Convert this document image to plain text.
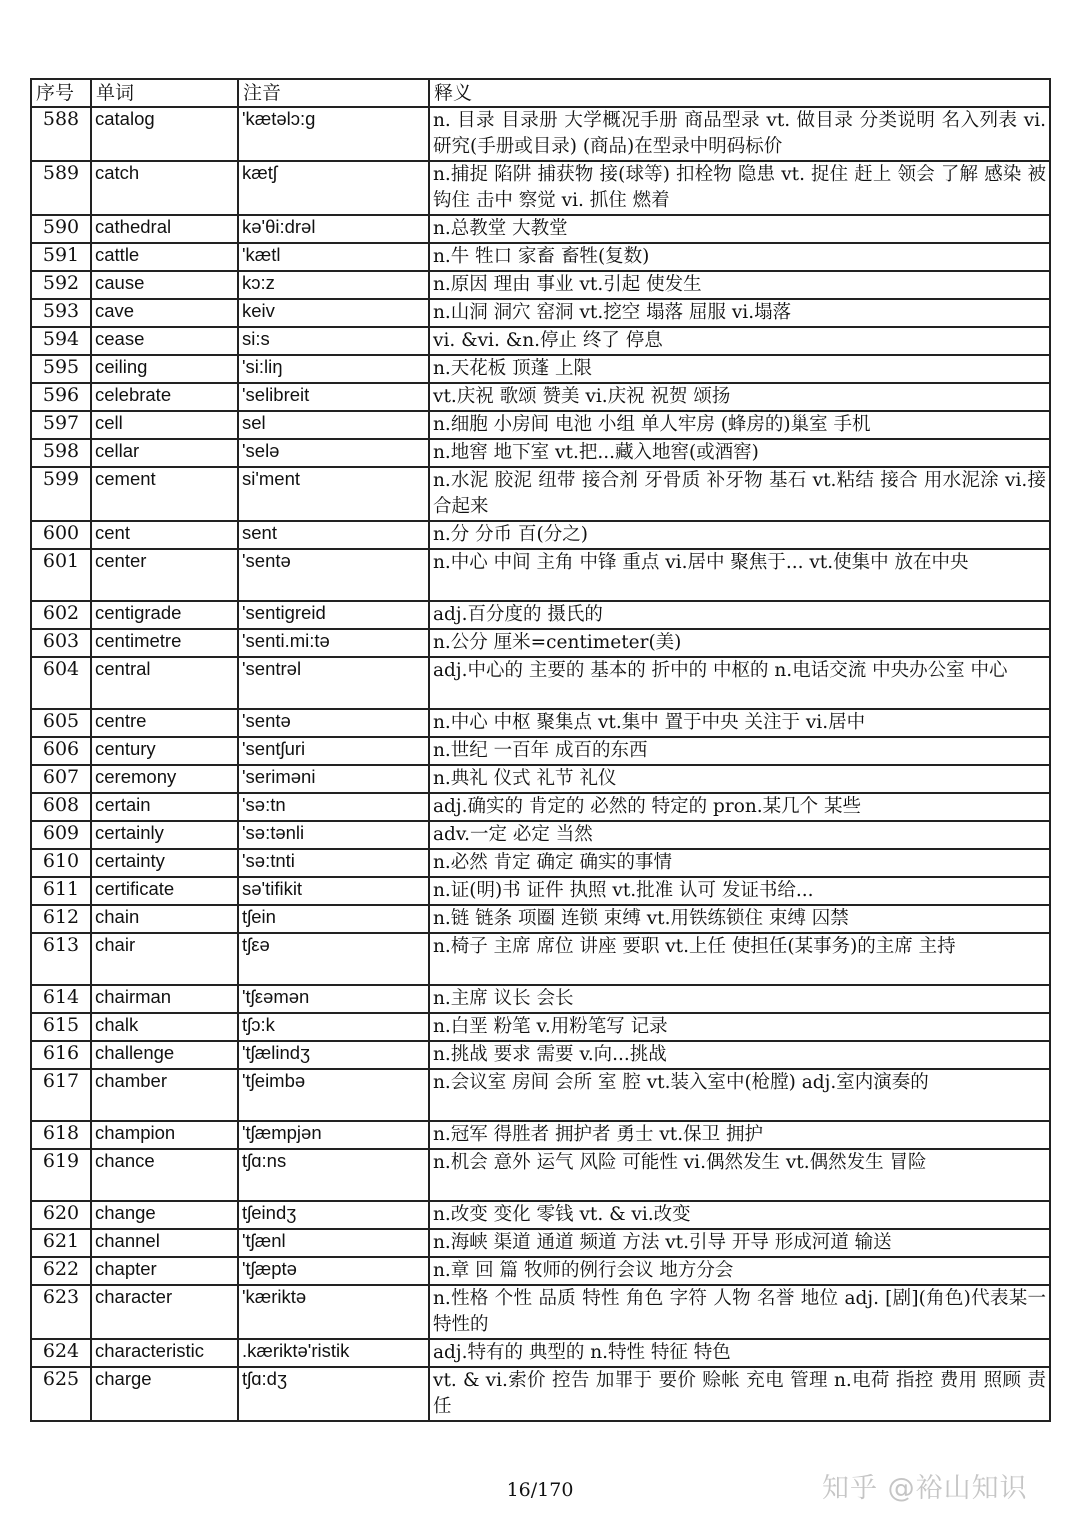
序号	单词	注音	释义
588	catalog	'kætəlɔ:g	n. 目录 目录册 大学概况手册 商品型录 vt. 做目录 分类说明 名入列表 vi. 研究(手册或目录) (商品)在型录中明码标价
589	catch	kætʃ	n.捕捉 陷阱 捕获物 接(球等) 扣栓物 隐患 vt. 捉住 赶上 领会 了解 感染 被钩住 击中 察觉 vi. 抓住 燃着
590	cathedral	kə'θi:drəl	n.总教堂 大教堂
591	cattle	'kætl	n.牛 牲口 家畜 畜牲(复数)
592	cause	kɔ:z	n.原因 理由 事业 vt.引起 使发生
593	cave	keiv	n.山洞 洞穴 窑洞 vt.挖空 塌落 屈服 vi.塌落
594	cease	si:s	vi. &vi. &n.停止 终了 停息
595	ceiling	'si:liŋ	n.天花板 顶蓬 上限
596	celebrate	'selibreit	vt.庆祝 歌颂 赞美 vi.庆祝 祝贺 颂扬
597	cell	sel	n.细胞 小房间 电池 小组 单人牢房 (蜂房的)巢室 手机
598	cellar	'selə	n.地窖 地下室 vt.把...藏入地窖(或酒窖)
599	cement	si'ment	n.水泥 胶泥 纽带 接合剂 牙骨质 补牙物 基石 vt.粘结 接合 用水泥涂 vi.接合起来
600	cent	sent	n.分 分币 百(分之)
601	center	'sentə	n.中心 中间 主角 中锋 重点 vi.居中 聚焦于... vt.使集中 放在中央
602	centigrade	'sentigreid	adj.百分度的 摄氏的
603	centimetre	'senti.mi:tə	n.公分 厘米=centimeter(美)
604	central	'sentrəl	adj.中心的 主要的 基本的 折中的 中枢的 n.电话交流 中央办公室 中心
605	centre	'sentə	n.中心 中枢 聚集点 vt.集中 置于中央 关注于 vi.居中
606	century	'sentʃuri	n.世纪 一百年 成百的东西
607	ceremony	'seriməni	n.典礼 仪式 礼节 礼仪
608	certain	'sə:tn	adj.确实的 肯定的 必然的 特定的 pron.某几个 某些
609	certainly	'sə:tənli	adv.一定 必定 当然
610	certainty	'sə:tnti	n.必然 肯定 确定 确实的事情
611	certificate	sə'tifikit	n.证(明)书 证件 执照 vt.批准 认可 发证书给...
612	chain	tʃein	n.链 链条 项圈 连锁 束缚 vt.用铁练锁住 束缚 囚禁
613	chair	tʃεə	n.椅子 主席 席位 讲座 要职 vt.上任 使担任(某事务)的主席 主持
614	chairman	'tʃεəmən	n.主席 议长 会长
615	chalk	tʃɔ:k	n.白垩 粉笔 v.用粉笔写 记录
616	challenge	'tʃælindʒ	n.挑战 要求 需要 v.向...挑战
617	chamber	'tʃeimbə	n.会议室 房间 会所 室 腔 vt.装入室中(枪膛) adj.室内演奏的
618	champion	'tʃæmpjən	n.冠军 得胜者 拥护者 勇士 vt.保卫 拥护
619	chance	tʃɑ:ns	n.机会 意外 运气 风险 可能性 vi.偶然发生 vt.偶然发生 冒险
620	change	tʃeindʒ	n.改变 变化 零钱 vt. & vi.改变
621	channel	'tʃænl	n.海峡 渠道 通道 频道 方法 vt.引导 开导 形成河道 输送
622	chapter	'tʃæptə	n.章 回 篇 牧师的例行会议 地方分会
623	character	'kæriktə	n.性格 个性 品质 特性 角色 字符 人物 名誉 地位 adj. [剧](角色)代表某一特性的
624	characteristic	.kæriktə'ristik	adj.特有的 典型的 n.特性 特征 特色
625	charge	tʃɑ:dʒ	vt. & vi.索价 控告 加罪于 要价 赊帐 充电 管理 n.电荷 指控 费用 照顾 责任
16/170	知乎 @裕山知识
